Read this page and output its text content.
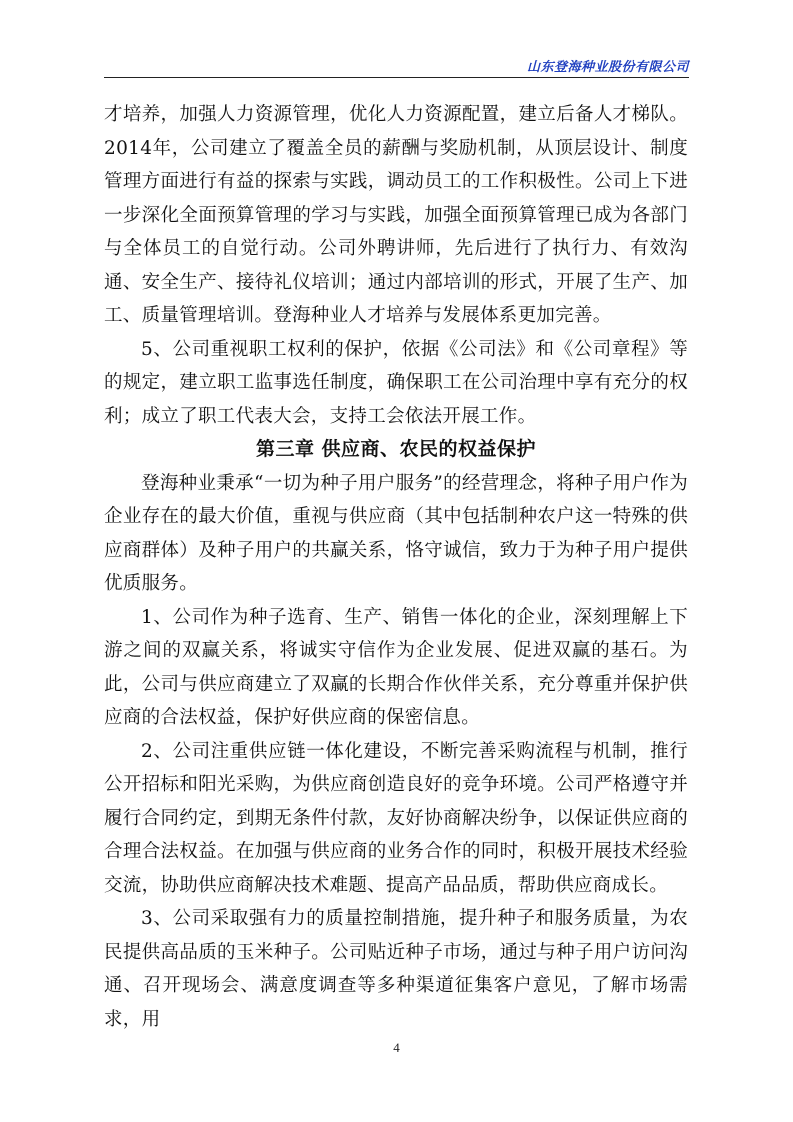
山东登海种业股份有限公司

才培养，加强人力资源管理，优化人力资源配置，建立后备人才梯队。2014年，公司建立了覆盖全员的薪酬与奖励机制，从顶层设计、制度管理方面进行有益的探索与实践，调动员工的工作积极性。公司上下进一步深化全面预算管理的学习与实践，加强全面预算管理已成为各部门与全体员工的自觉行动。公司外聘讲师，先后进行了执行力、有效沟通、安全生产、接待礼仪培训；通过内部培训的形式，开展了生产、加工、质量管理培训。登海种业人才培养与发展体系更加完善。

5、公司重视职工权利的保护，依据《公司法》和《公司章程》等的规定，建立职工监事选任制度，确保职工在公司治理中享有充分的权利；成立了职工代表大会，支持工会依法开展工作。

第三章 供应商、农民的权益保护

登海种业秉承“一切为种子用户服务”的经营理念，将种子用户作为企业存在的最大价值，重视与供应商（其中包括制种农户这一特殊的供应商群体）及种子用户的共赢关系，恪守诚信，致力于为种子用户提供优质服务。

1、公司作为种子选育、生产、销售一体化的企业，深刻理解上下游之间的双赢关系，将诚实守信作为企业发展、促进双赢的基石。为此，公司与供应商建立了双赢的长期合作伙伴关系，充分尊重并保护供应商的合法权益，保护好供应商的保密信息。

2、公司注重供应链一体化建设，不断完善采购流程与机制，推行公开招标和阳光采购，为供应商创造良好的竞争环境。公司严格遵守并履行合同约定，到期无条件付款，友好协商解决纷争，以保证供应商的合理合法权益。在加强与供应商的业务合作的同时，积极开展技术经验交流，协助供应商解决技术难题、提高产品品质，帮助供应商成长。

3、公司采取强有力的质量控制措施，提升种子和服务质量，为农民提供高品质的玉米种子。公司贴近种子市场，通过与种子用户访问沟通、召开现场会、满意度调查等多种渠道征集客户意见，了解市场需求，用

4
